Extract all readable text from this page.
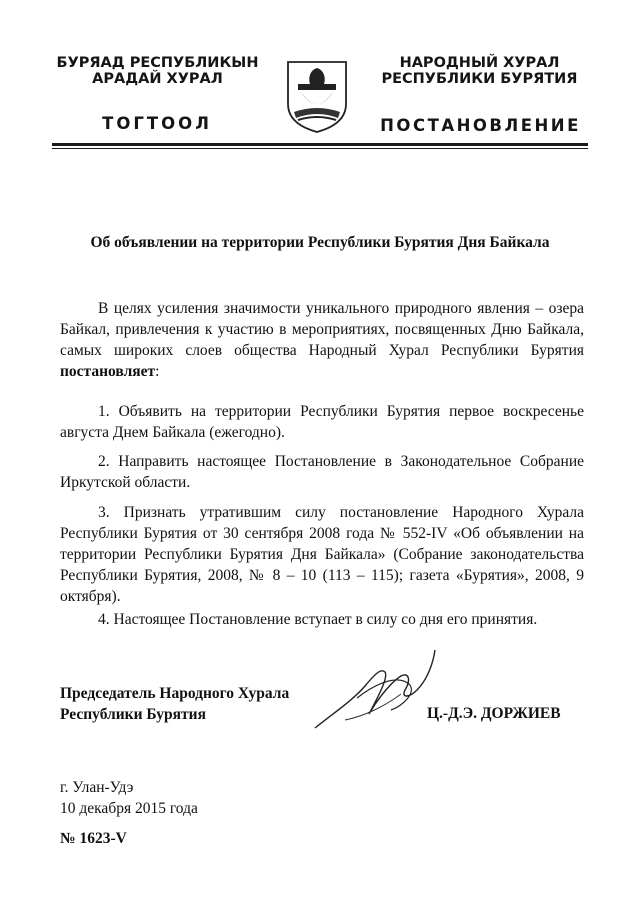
БУРЯАД РЕСПУБЛИКЫН
АРАДАЙ ХУРАЛ
ТОГТООЛ
НАРОДНЫЙ ХУРАЛ
РЕСПУБЛИКИ БУРЯТИЯ
ПОСТАНОВЛЕНИЕ
Об объявлении на территории Республики Бурятия Дня Байкала

В целях усиления значимости уникального природного явления – озера Байкал, привлечения к участию в мероприятиях, посвященных Дню Байкала, самых широких слоев общества Народный Хурал Республики Бурятия постановляет:

1. Объявить на территории Республики Бурятия первое воскресенье августа Днем Байкала (ежегодно).

2. Направить настоящее Постановление в Законодательное Собрание Иркутской области.

3. Признать утратившим силу постановление Народного Хурала Республики Бурятия от 30 сентября 2008 года № 552-IV «Об объявлении на территории Республики Бурятия Дня Байкала» (Собрание законодательства Республики Бурятия, 2008, № 8 – 10 (113 – 115); газета «Бурятия», 2008, 9 октября).

4. Настоящее Постановление вступает в силу со дня его принятия.

Председатель Народного Хурала
Республики Бурятия	Ц.-Д.Э. ДОРЖИЕВ
г. Улан-Удэ
10 декабря 2015 года
№ 1623-V
